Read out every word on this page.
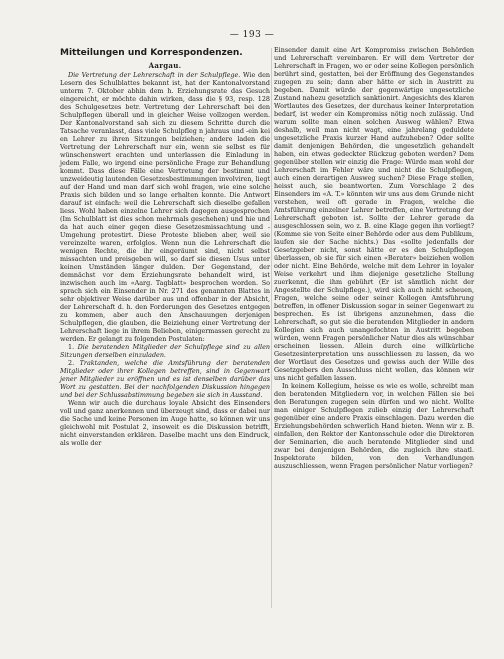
— 193 —
Mitteilungen und Korrespondenzen.
Aargau.

Die Vertretung der Lehrerschaft in der Schulpflege. Wie den Lesern des Schulblattes bekannt ist, hat der Kantonalvorstand unterm 7. Oktober abhin dem h. Erziehungsrate das Gesuch eingereicht, er möchte dahin wirken, dass die § 93, resp. 128 des Schulgesetzes betr. Vertretung der Lehrerschaft bei den Schulpflegen überall und in gleicher Weise vollzogen werden. Der Kantonalvorstand sah sich zu diesem Schritte durch die Tatsache veranlasst, dass viele Schulpfleg n jahraus und -ein kei en Lehrer zu ihren Sitzungen beiziehen; andere laden die Vertretung der Lehrerschaft nur ein, wenn sie selbst es für wünschenswert erachten und unterlassen die Einladung in jedem Falle, wo irgend eine persönliche Frage zur Behandlung kommt. Dass diese Fälle eine Vertretung der bestimmt und unzweideutig lautenden Gesetzesbestimmungen involviren, liegt auf der Hand und man darf sich wohl fragen, wie eine solche Praxis sich bilden und so lange erhalten konnte. Die Antwort darauf ist einfach: weil die Lehrerschaft sich dieselbe gefallen liess. Wohl haben einzelne Lehrer sich dagegen ausgesprochen (Im Schulblatt ist dies schon mehrmals geschehen) und hie und da hat auch einer gegen diese Gesetzesmissachtung und -Umgehung protestirt. Diese Proteste blieben aber, weil sie vereinzelte waren, erfolglos. Wenn nun die Lehrerschaft die wenigen Rechte, die ihr eingeräumt sind, nicht selbst missachten und preisgeben will, so darf sie diesen Usus unter keinen Umständen länger dulden. Der Gegenstand, der demnächst vor dem Erziehungsrate behandelt wird, ist inzwischen auch im «Aarg. Tagblatt» besprochen worden. So sprach sich ein Einsender in Nr. 271 des genannten Blattes in sehr objektiver Weise darüber aus und offenbar in der Absicht, der Lehrerschaft d. h. den Forderungen des Gesetzes entgegen zu kommen, aber auch den Anschauungen derjenigen Schulpflegen, die glauben, die Beiziehung einer Vertretung der Lehrerschaft liege in ihrem Belieben, einigermassen gerecht zu werden. Er gelangt zu folgenden Postulaten:

1. Die beratenden Mitglieder der Schulpflege sind zu allen Sitzungen derselben einzuladen.

2. Traktanden, welche die Amtsführung der beratenden Mitglieder oder ihrer Kollegen betreffen, sind in Gegenwart jener Mitglieder zu eröffnen und es ist denselben darüber das Wort zu gestatten. Bei der nachfolgenden Diskussion hingegen und bei der Schlussabstimmung begeben sie sich in Ausstand.

Wenn wir auch die durchaus loyale Absicht des Einsenders voll und ganz anerkennen und überzeugt sind, dass er dabei nur die Sache und keine Personen im Auge hatte, so können wir uns gleichwohl mit Postulat 2, insoweit es die Diskussion betrifft, nicht einverstanden erklären. Daselbe macht uns den Eindruck, als wolle der

Einsender damit eine Art Kompromiss zwischen Behörden und Lehrerschaft vereinbaren. Er will dem Vertreter der Lehrerschaft in Fragen, wo er oder seine Kollegen persönlich berührt sind, gestatten, bei der Eröffnung des Gegenstandes zugegen zu sein; dann aber hätte er sich in Austritt zu begeben. Damit würde der gegenwärtige ungesetzliche Zustand nahezu gesetzlich sanktionirt. Angesichts des klaren Wortlautes des Gesetzes, der durchaus keiner Interpretation bedarf, ist weder ein Kompromiss nötig noch zulässig. Und warum sollte man einen solchen Ausweg wählen? Etwa deshalb, weil man nicht wagt, eine jahrelang geduldete ungesetzliche Praxis kurzer Hand aufzuheben? Oder sollte damit denjenigen Behörden, die ungesetzlich gehandelt haben, ein etwas gedeckter Rückzug geboten werden? Dem gegenüber stellen wir einzig die Frage: Würde man wohl der Lehrerschaft im Fehler wäre und nicht die Schulpflegen, auch einen derartigen Ausweg suchen? Diese Frage stellen, heisst auch, sie beantworten. Zum Vorschlage 2 des Einsenders im «A. T.» könnten wir uns aus dem Grunde nicht verstehen, weil oft gerade in Fragen, welche die Amtsführung einzelner Lehrer betreffen, eine Vertretung der Lehrerschaft geboten ist. Sollte der Lehrer gerade da ausgeschlossen sein, wo z. B. eine Klage gegen ihn vorliegt? (Komme sie von Seite einer Behörde oder aus dem Publikum, laufen sie der Sache nichts.) Das «sollte jedenfalls der Gesetzgeber nicht, sonst hätte er es den Schulpflegen überlassen, ob sie für sich einen «Berater» beiziehen wollen oder nicht. Eine Behörde, welche mit dem Lehrer in loyaler Weise verkehrt und ihm diejenige gesetzliche Stellung zuerkennt, die ihm gebührt (Er ist sämtlich nicht der Angestellte der Schulpflege.), wird sich auch nicht scheuen, Fragen, welche seine oder seiner Kollegen Amtsführung betreffen, in offener Diskussion sogar in seiner Gegenwart zu besprechen. Es ist übrigens anzunehmen, dass die Lehrerschaft, so gut sie die beratenden Mitglieder in andern Kollegien sich auch unangefochten in Austritt begeben würden, wenn Fragen persönlicher Natur dies als wünschbar erscheinen liessen. Allein durch eine willkürliche Gesetzesinterpretation uns ausschliessen zu lassen, da wo der Wortlaut des Gesetzes und gewiss auch der Wille des Gesetzgebers den Ausschluss nicht wollen, das können wir uns nicht gefallen lassen.

In keinem Kollegium, heisse es wie es wolle, schreibt man den beratenden Mitgliedern vor, in welchen Fällen sie bei den Beratungen zugegen sein dürfen und wo nicht. Wollte man einiger Schulpflegen zulieb einzig der Lehrerschaft gegenüber eine andere Praxis einschlagen. Dazu werden die Erziehungsbehörden schwerlich Hand bieten. Wenn wir z. B. einfallen, den Rektor der Kantonsschule oder die Direktoren der Seminarien, die auch beratende Mitglieder sind und zwar bei denjenigen Behörden, die zugleich ihre staatl. Inspektorate bilden, von den Verhandlungen auszuschliessen, wenn Fragen persönlicher Natur vorliegen?
